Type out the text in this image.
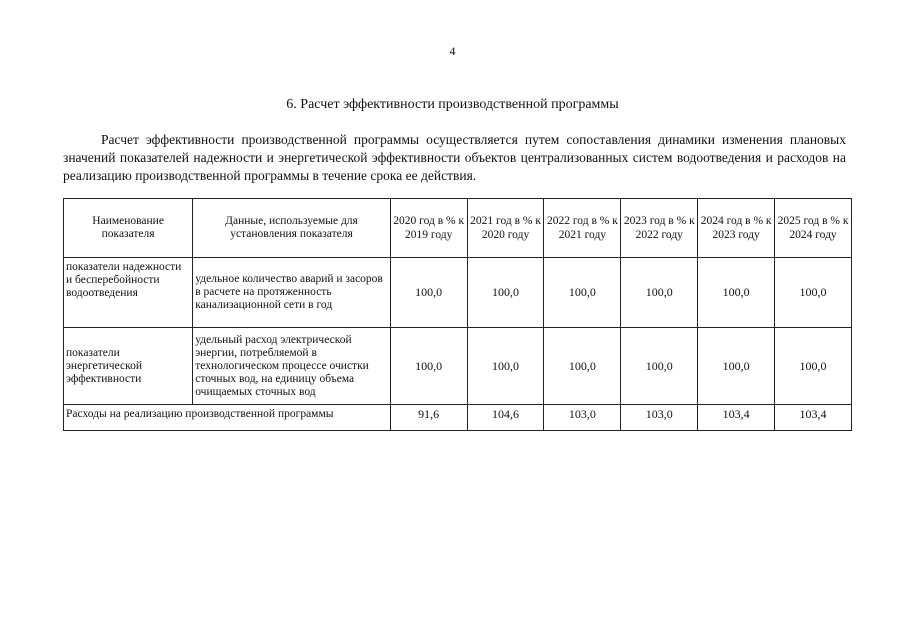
4
6. Расчет эффективности производственной программы

Расчет эффективности производственной программы осуществляется путем сопоставления динамики изменения плановых значений показателей надежности и энергетической эффективности объектов централизованных систем водоотведения и расходов на реализацию производственной программы в течение срока ее действия.

Наименование показателя	Данные, используемые для установления показателя	2020 год в % к 2019 году	2021 год в % к 2020 году	2022 год в % к 2021 году	2023 год в % к 2022 году	2024 год в % к 2023 году	2025 год в % к 2024 году
показатели надежности и бесперебойности водоотведения	удельное количество аварий и засоров в расчете на протяженность канализационной сети в год	100,0	100,0	100,0	100,0	100,0	100,0
показатели энергетической эффективности	удельный расход электрической энергии, потребляемой в технологическом процессе очистки сточных вод, на единицу объема очищаемых сточных вод	100,0	100,0	100,0	100,0	100,0	100,0
Расходы на реализацию производственной программы		91,6	104,6	103,0	103,0	103,4	103,4
